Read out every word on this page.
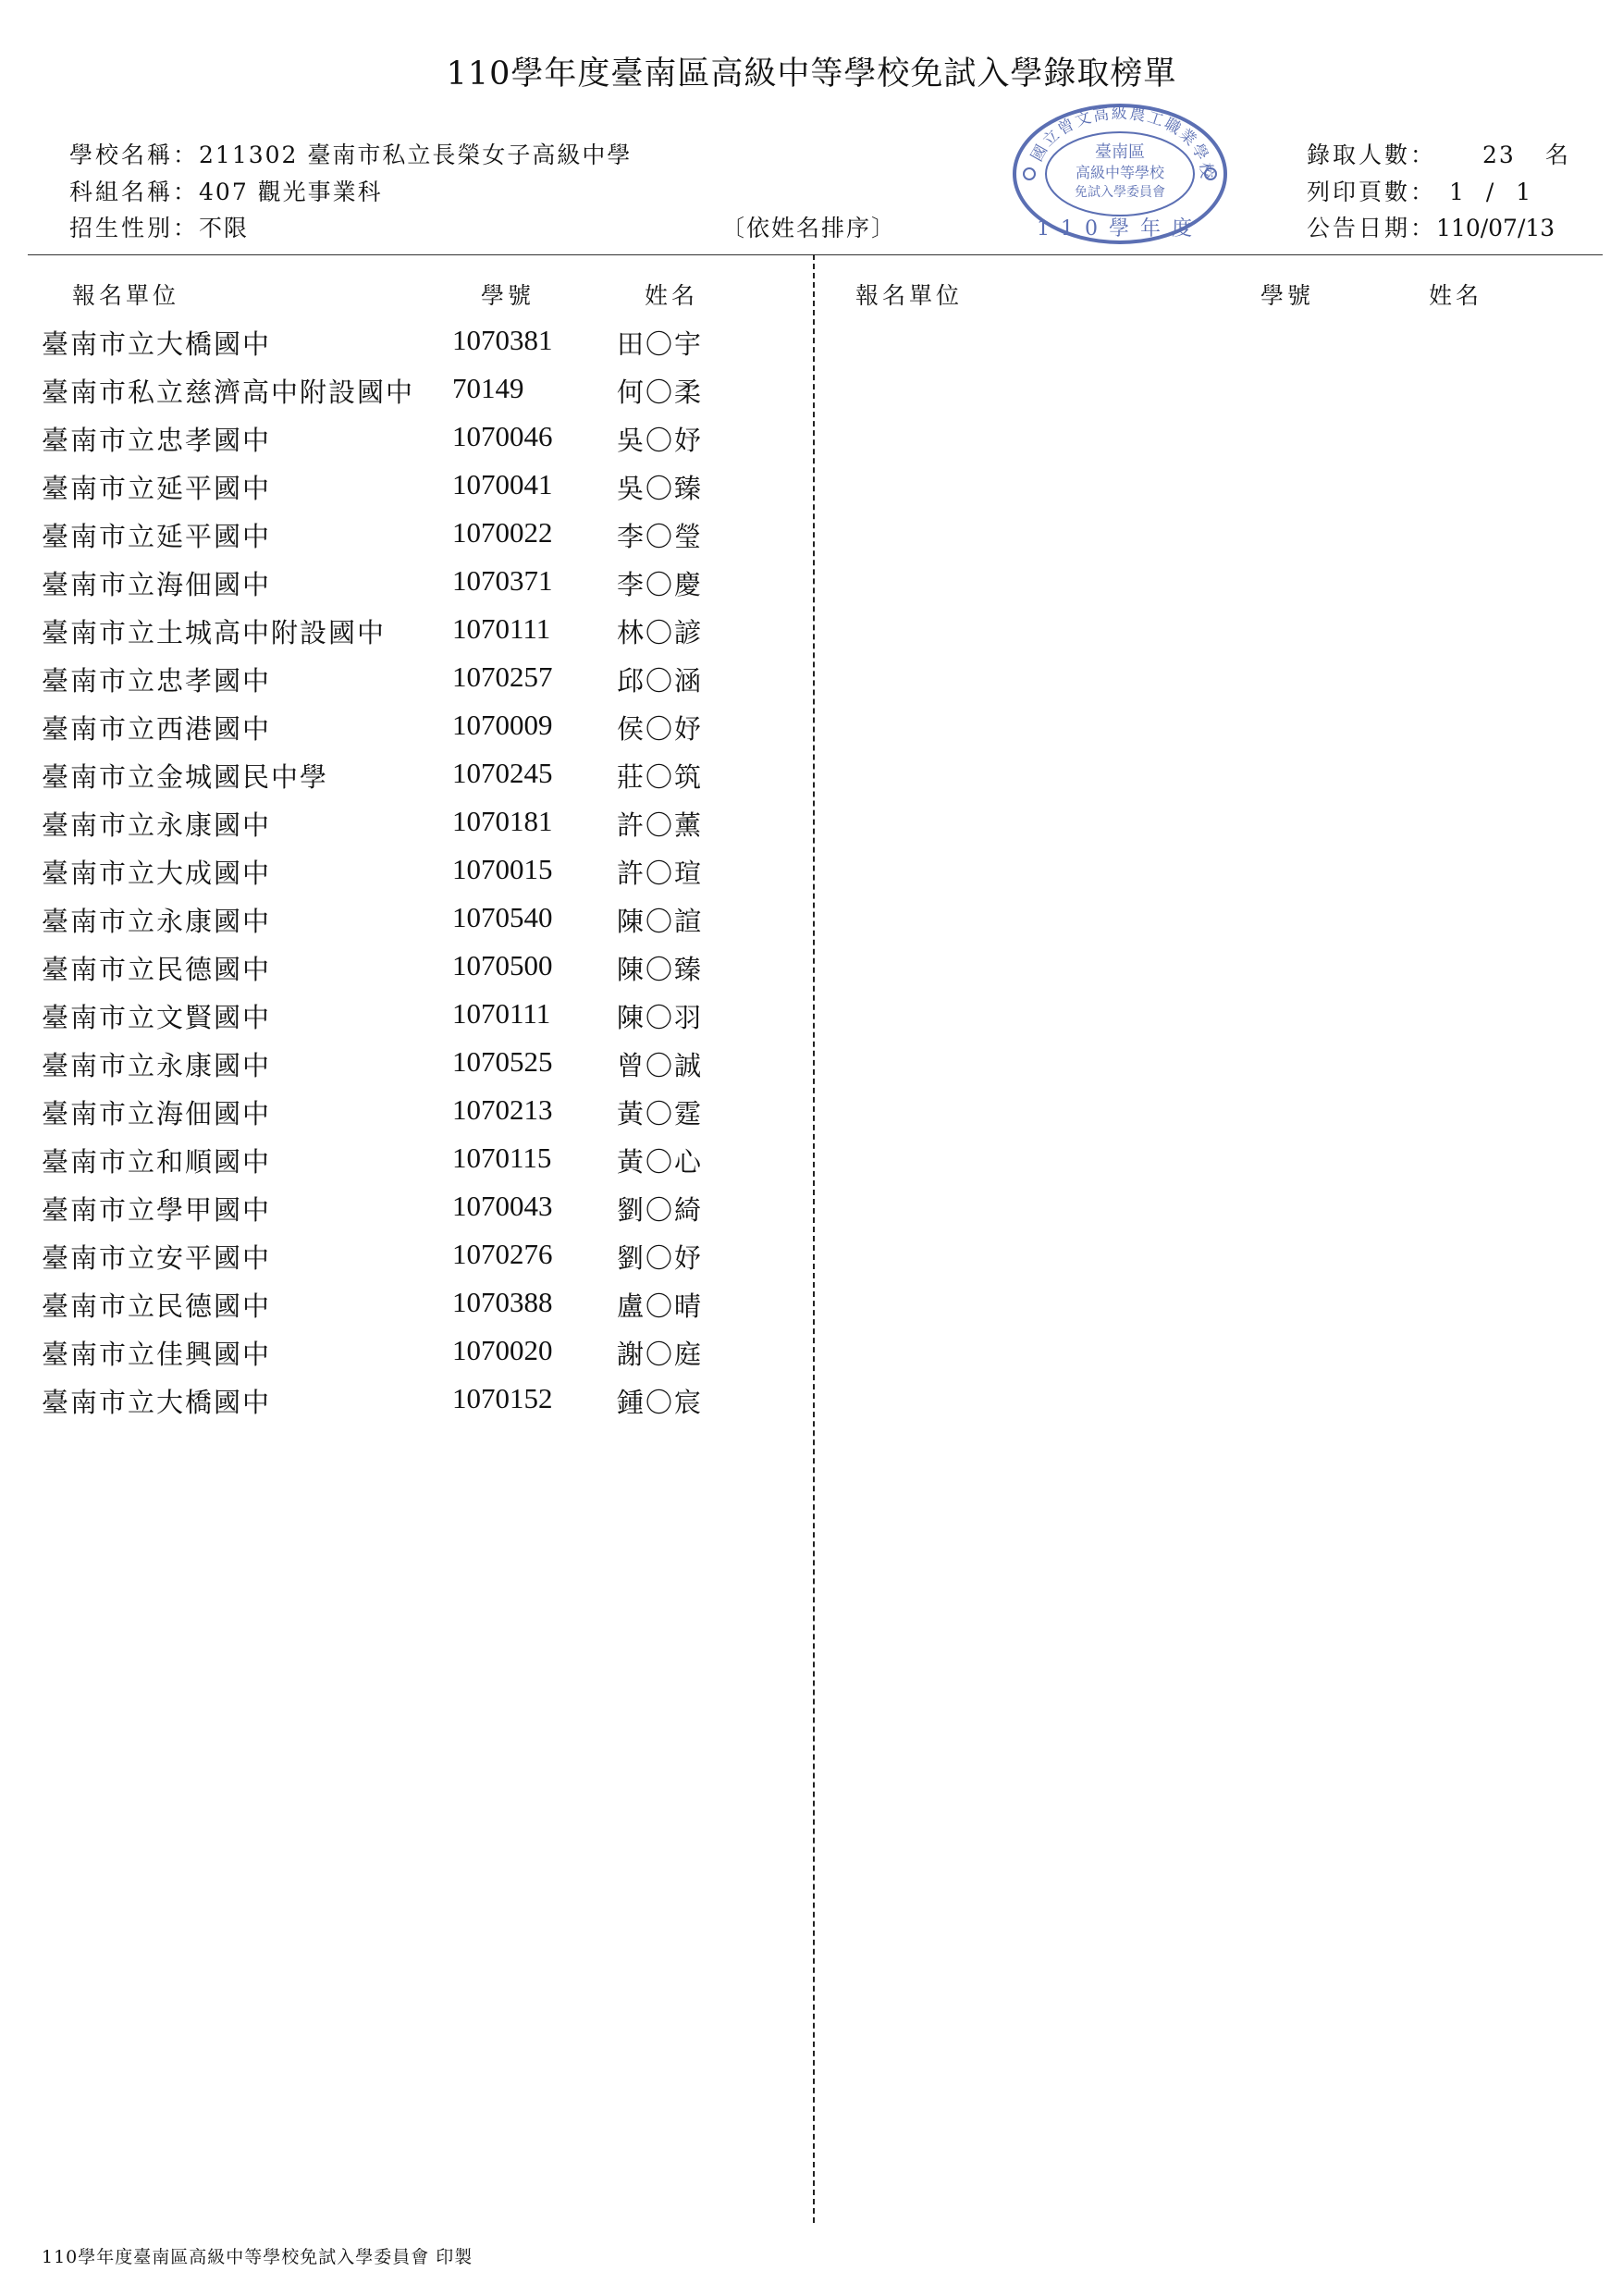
110學年度臺南區高級中等學校免試入學錄取榜單
學校名稱：211302 臺南市私立長榮女子高級中學
科組名稱：407 觀光事業科
招生性別：不限	〔依姓名排序〕
錄取人數： 23 名
列印頁數： 1 / 1
公告日期：110/07/13
國立曾文高級農工職業學校
臺南區
高級中等學校
免試入學委員會
110學年度
報名單位	學號	姓名	報名單位	學號	姓名
臺南市立大橋國中	1070381 田〇宇
臺南市私立慈濟高中附設國中 70149	何〇柔
臺南市立忠孝國中	1070046 吳〇妤
臺南市立延平國中	1070041 吳〇臻
臺南市立延平國中	1070022 李〇瑩
臺南市立海佃國中	1070371 李〇慶
臺南市立土城高中附設國中 1070111 林〇諺
臺南市立忠孝國中	1070257 邱〇涵
臺南市立西港國中	1070009 侯〇妤
臺南市立金城國民中學	1070245 莊〇筑
臺南市立永康國中	1070181 許〇薰
臺南市立大成國中	1070015 許〇瑄
臺南市立永康國中	1070540 陳〇諠
臺南市立民德國中	1070500 陳〇臻
臺南市立文賢國中	1070111 陳〇羽
臺南市立永康國中	1070525 曾〇誠
臺南市立海佃國中	1070213 黃〇霆
臺南市立和順國中	1070115 黃〇心
臺南市立學甲國中	1070043 劉〇綺
臺南市立安平國中	1070276 劉〇妤
臺南市立民德國中	1070388 盧〇晴
臺南市立佳興國中	1070020 謝〇庭
臺南市立大橋國中	1070152 鍾〇宸
110學年度臺南區高級中等學校免試入學委員會 印製
